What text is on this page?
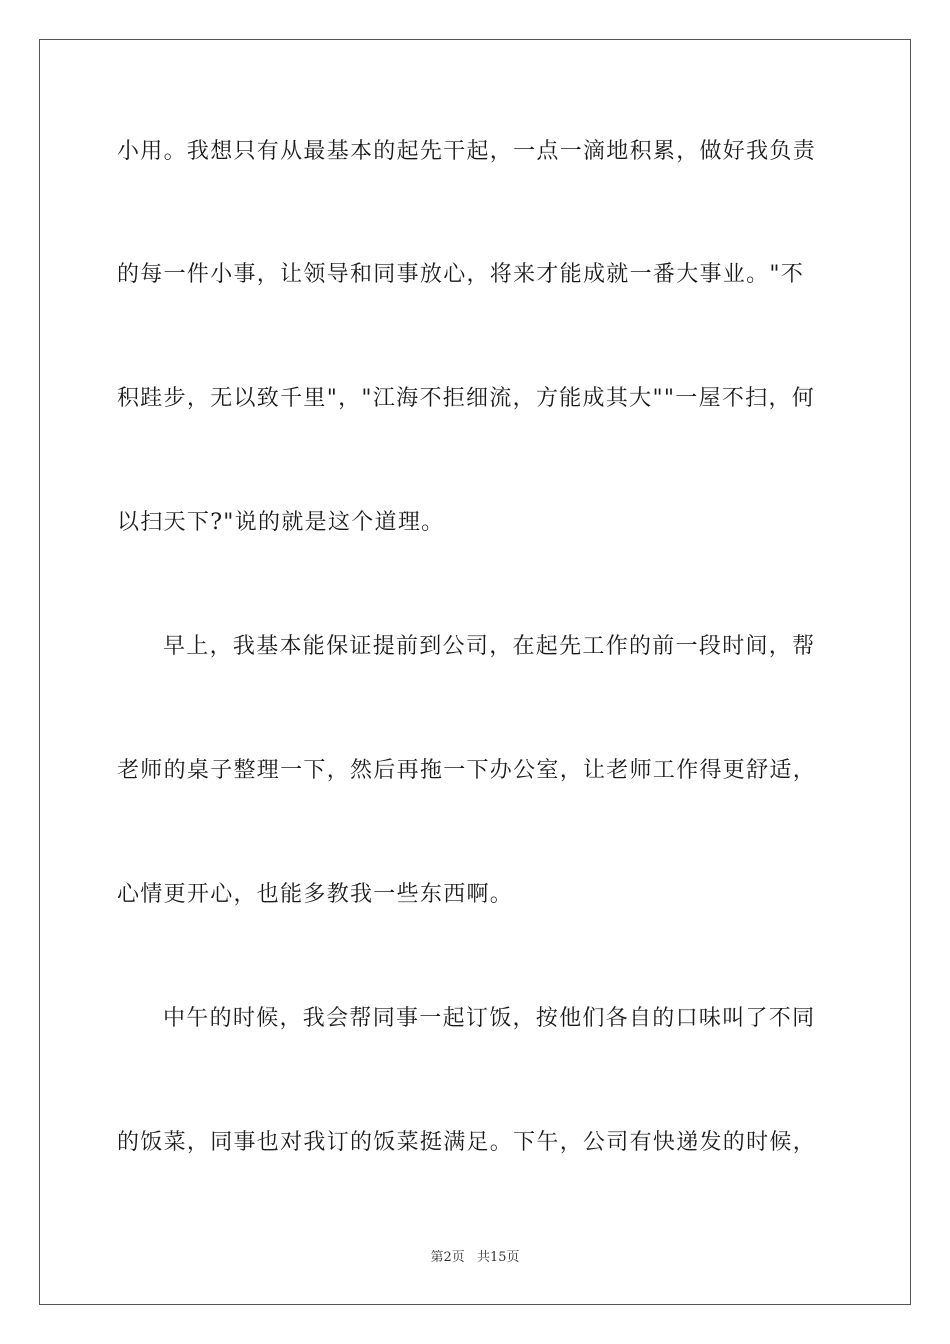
小用。我想只有从最基本的起先干起，一点一滴地积累，做好我负责
的每一件小事，让领导和同事放心，将来才能成就一番大事业。"不
积跬步，无以致千里"，"江海不拒细流，方能成其大""一屋不扫，何
以扫天下?"说的就是这个道理。
早上，我基本能保证提前到公司，在起先工作的前一段时间，帮
老师的桌子整理一下，然后再拖一下办公室，让老师工作得更舒适，
心情更开心，也能多教我一些东西啊。
中午的时候，我会帮同事一起订饭，按他们各自的口味叫了不同
的饭菜，同事也对我订的饭菜挺满足。下午，公司有快递发的时候，
第2页 共15页
